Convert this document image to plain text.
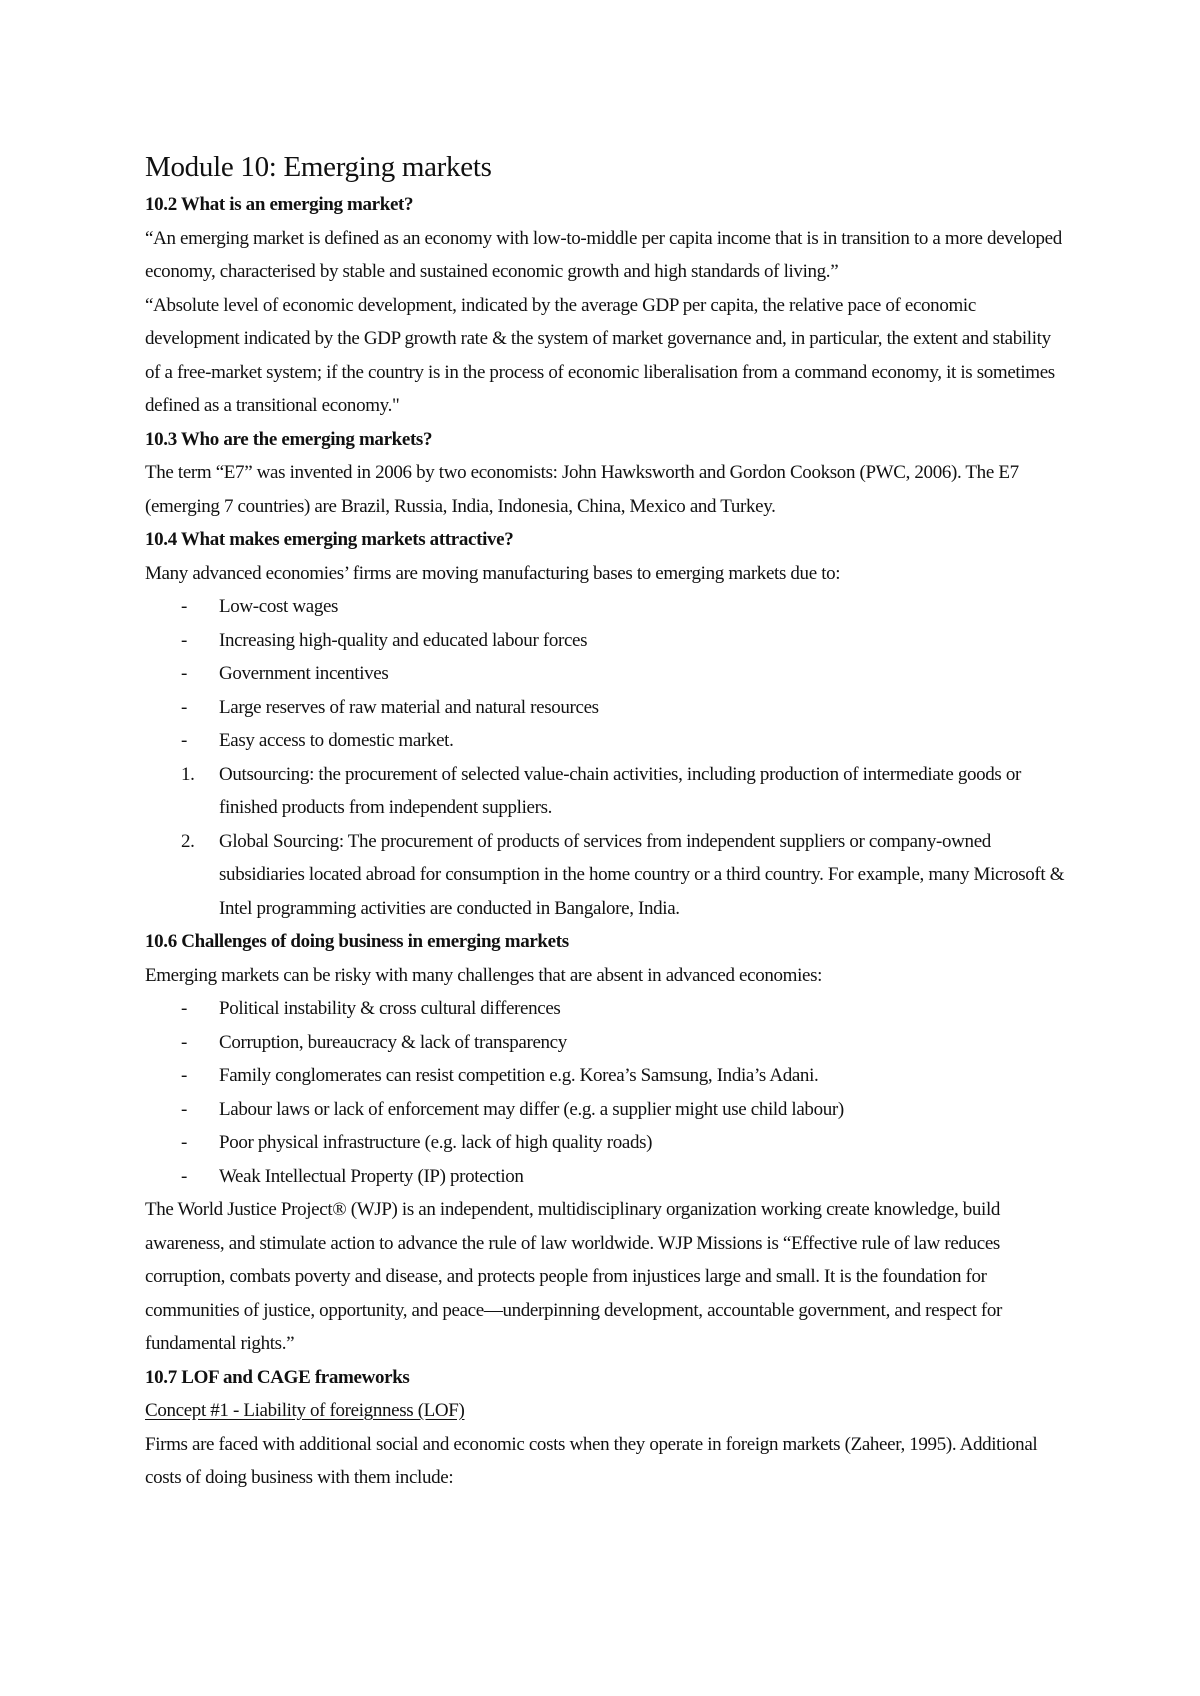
Module 10: Emerging markets

10.2 What is an emerging market?

“An emerging market is defined as an economy with low-to-middle per capita income that is in transition to a more developed economy, characterised by stable and sustained economic growth and high standards of living.”

“Absolute level of economic development, indicated by the average GDP per capita, the relative pace of economic development indicated by the GDP growth rate & the system of market governance and, in particular, the extent and stability of a free-market system; if the country is in the process of economic liberalisation from a command economy, it is sometimes defined as a transitional economy."

10.3 Who are the emerging markets?

The term “E7” was invented in 2006 by two economists: John Hawksworth and Gordon Cookson (PWC, 2006). The E7 (emerging 7 countries) are Brazil, Russia, India, Indonesia, China, Mexico and Turkey.

10.4 What makes emerging markets attractive?

Many advanced economies’ firms are moving manufacturing bases to emerging markets due to:

- Low-cost wages
- Increasing high-quality and educated labour forces
- Government incentives
- Large reserves of raw material and natural resources
- Easy access to domestic market.
1. Outsourcing: the procurement of selected value-chain activities, including production of intermediate goods or finished products from independent suppliers.
2. Global Sourcing: The procurement of products of services from independent suppliers or company-owned subsidiaries located abroad for consumption in the home country or a third country. For example, many Microsoft & Intel programming activities are conducted in Bangalore, India.

10.6 Challenges of doing business in emerging markets

Emerging markets can be risky with many challenges that are absent in advanced economies:

- Political instability & cross cultural differences
- Corruption, bureaucracy & lack of transparency
- Family conglomerates can resist competition e.g. Korea’s Samsung, India’s Adani.
- Labour laws or lack of enforcement may differ (e.g. a supplier might use child labour)
- Poor physical infrastructure (e.g. lack of high quality roads)
- Weak Intellectual Property (IP) protection

The World Justice Project® (WJP) is an independent, multidisciplinary organization working create knowledge, build awareness, and stimulate action to advance the rule of law worldwide. WJP Missions is “Effective rule of law reduces corruption, combats poverty and disease, and protects people from injustices large and small. It is the foundation for communities of justice, opportunity, and peace—underpinning development, accountable government, and respect for fundamental rights.”

10.7 LOF and CAGE frameworks

Concept #1 - Liability of foreignness (LOF)

Firms are faced with additional social and economic costs when they operate in foreign markets (Zaheer, 1995). Additional costs of doing business with them include:
